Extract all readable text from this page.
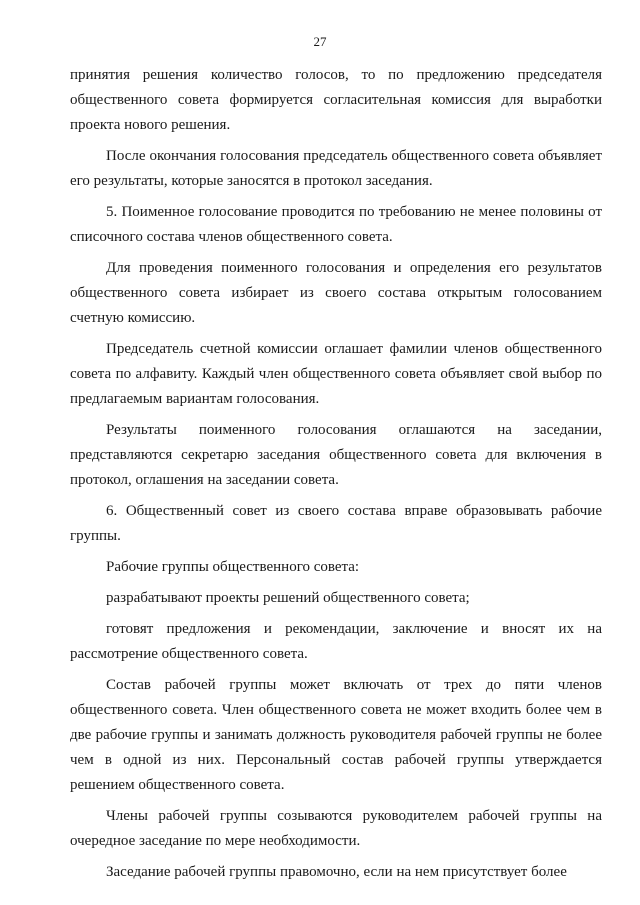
27

принятия решения количество голосов, то по предложению председателя общественного совета формируется согласительная комиссия для выработки проекта нового решения.

После окончания голосования председатель общественного совета объявляет его результаты, которые заносятся в протокол заседания.

5. Поименное голосование проводится по требованию не менее половины от списочного состава членов общественного совета.

Для проведения поименного голосования и определения его результатов общественного совета избирает из своего состава открытым голосованием счетную комиссию.

Председатель счетной комиссии оглашает фамилии членов общественного совета по алфавиту. Каждый член общественного совета объявляет свой выбор по предлагаемым вариантам голосования.

Результаты поименного голосования оглашаются на заседании, представляются секретарю заседания общественного совета для включения в протокол, оглашения на заседании совета.

6. Общественный совет из своего состава вправе образовывать рабочие группы.

Рабочие группы общественного совета:

разрабатывают проекты решений общественного совета;

готовят предложения и рекомендации, заключение и вносят их на рассмотрение общественного совета.

Состав рабочей группы может включать от трех до пяти членов общественного совета. Член общественного совета не может входить более чем в две рабочие группы и занимать должность руководителя рабочей группы не более чем в одной из них. Персональный состав рабочей группы утверждается решением общественного совета.

Члены рабочей группы созываются руководителем рабочей группы на очередное заседание по мере необходимости.

Заседание рабочей группы правомочно, если на нем присутствует более
